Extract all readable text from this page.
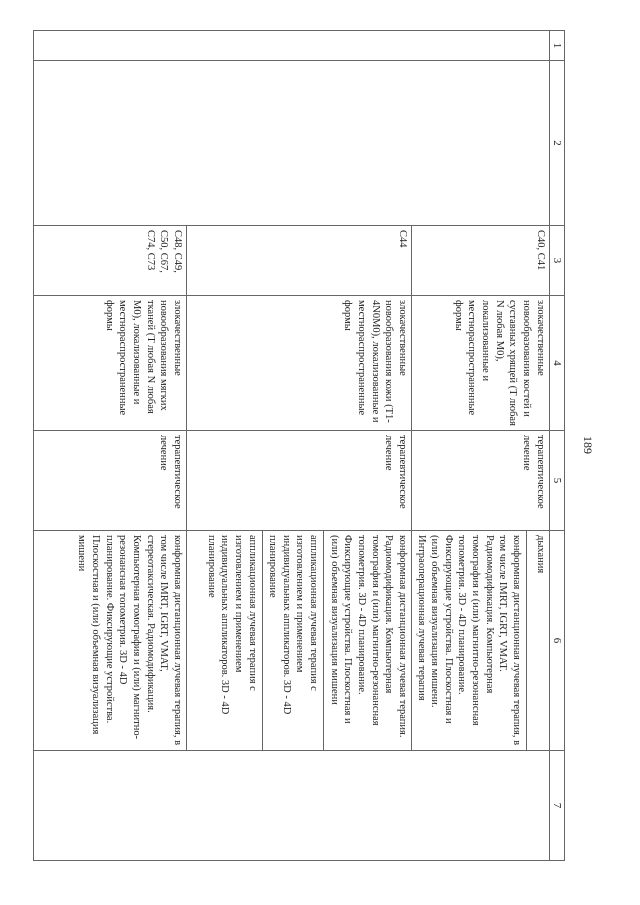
189
1	2	3	4	5	6	7
		C40, C41	злокачественные новообразования костей и суставных хрящей (T любая N любая M0), локализованные и местнораспространенные формы	терапевтическое лечение	дыхания
конформная дистанционная лучевая терапия, в том числе IMRT, IGRT, VMAT. Радиомодификация. Компьютерная томография и (или) магнитно-резонансная топометрия. 3D - 4D планирование. Фиксирующие устройства. Плоскостная и (или) объемная визуализация мишени.
Интраоперационная лучевая терапия	

		C44	злокачественные новообразования кожи (T1-4N0M0), локализованные и местнораспространенные формы	терапевтическое лечение	конформная дистанционная лучевая терапия. Радиомодификация. Компьютерная томография и (или) магнитно-резонансная топометрия. 3D - 4D планирование. Фиксирующие устройства. Плоскостная и (или) объемная визуализация мишени
аппликационная лучевая терапия с изготовлением и применением индивидуальных аппликаторов. 3D - 4D планирование
аппликационная лучевая терапия с изготовлением и применением индивидуальных аппликаторов. 3D - 4D планирование	

		C48, C49, C50, C67, C74, C73	злокачественные новообразования мягких тканей (T любая N любая M0), локализованные и местнораспространенные формы	терапевтическое лечение	конформная дистанционная лучевая терапия, в том числе IMRT, IGRT, VMAT, стереотаксическая. Радиомодификация. Компьютерная томография и (или) магнитно-резонансная топометрия. 3D - 4D планирование. Фиксирующие устройства. Плоскостная и (или) объемная визуализация мишени	
